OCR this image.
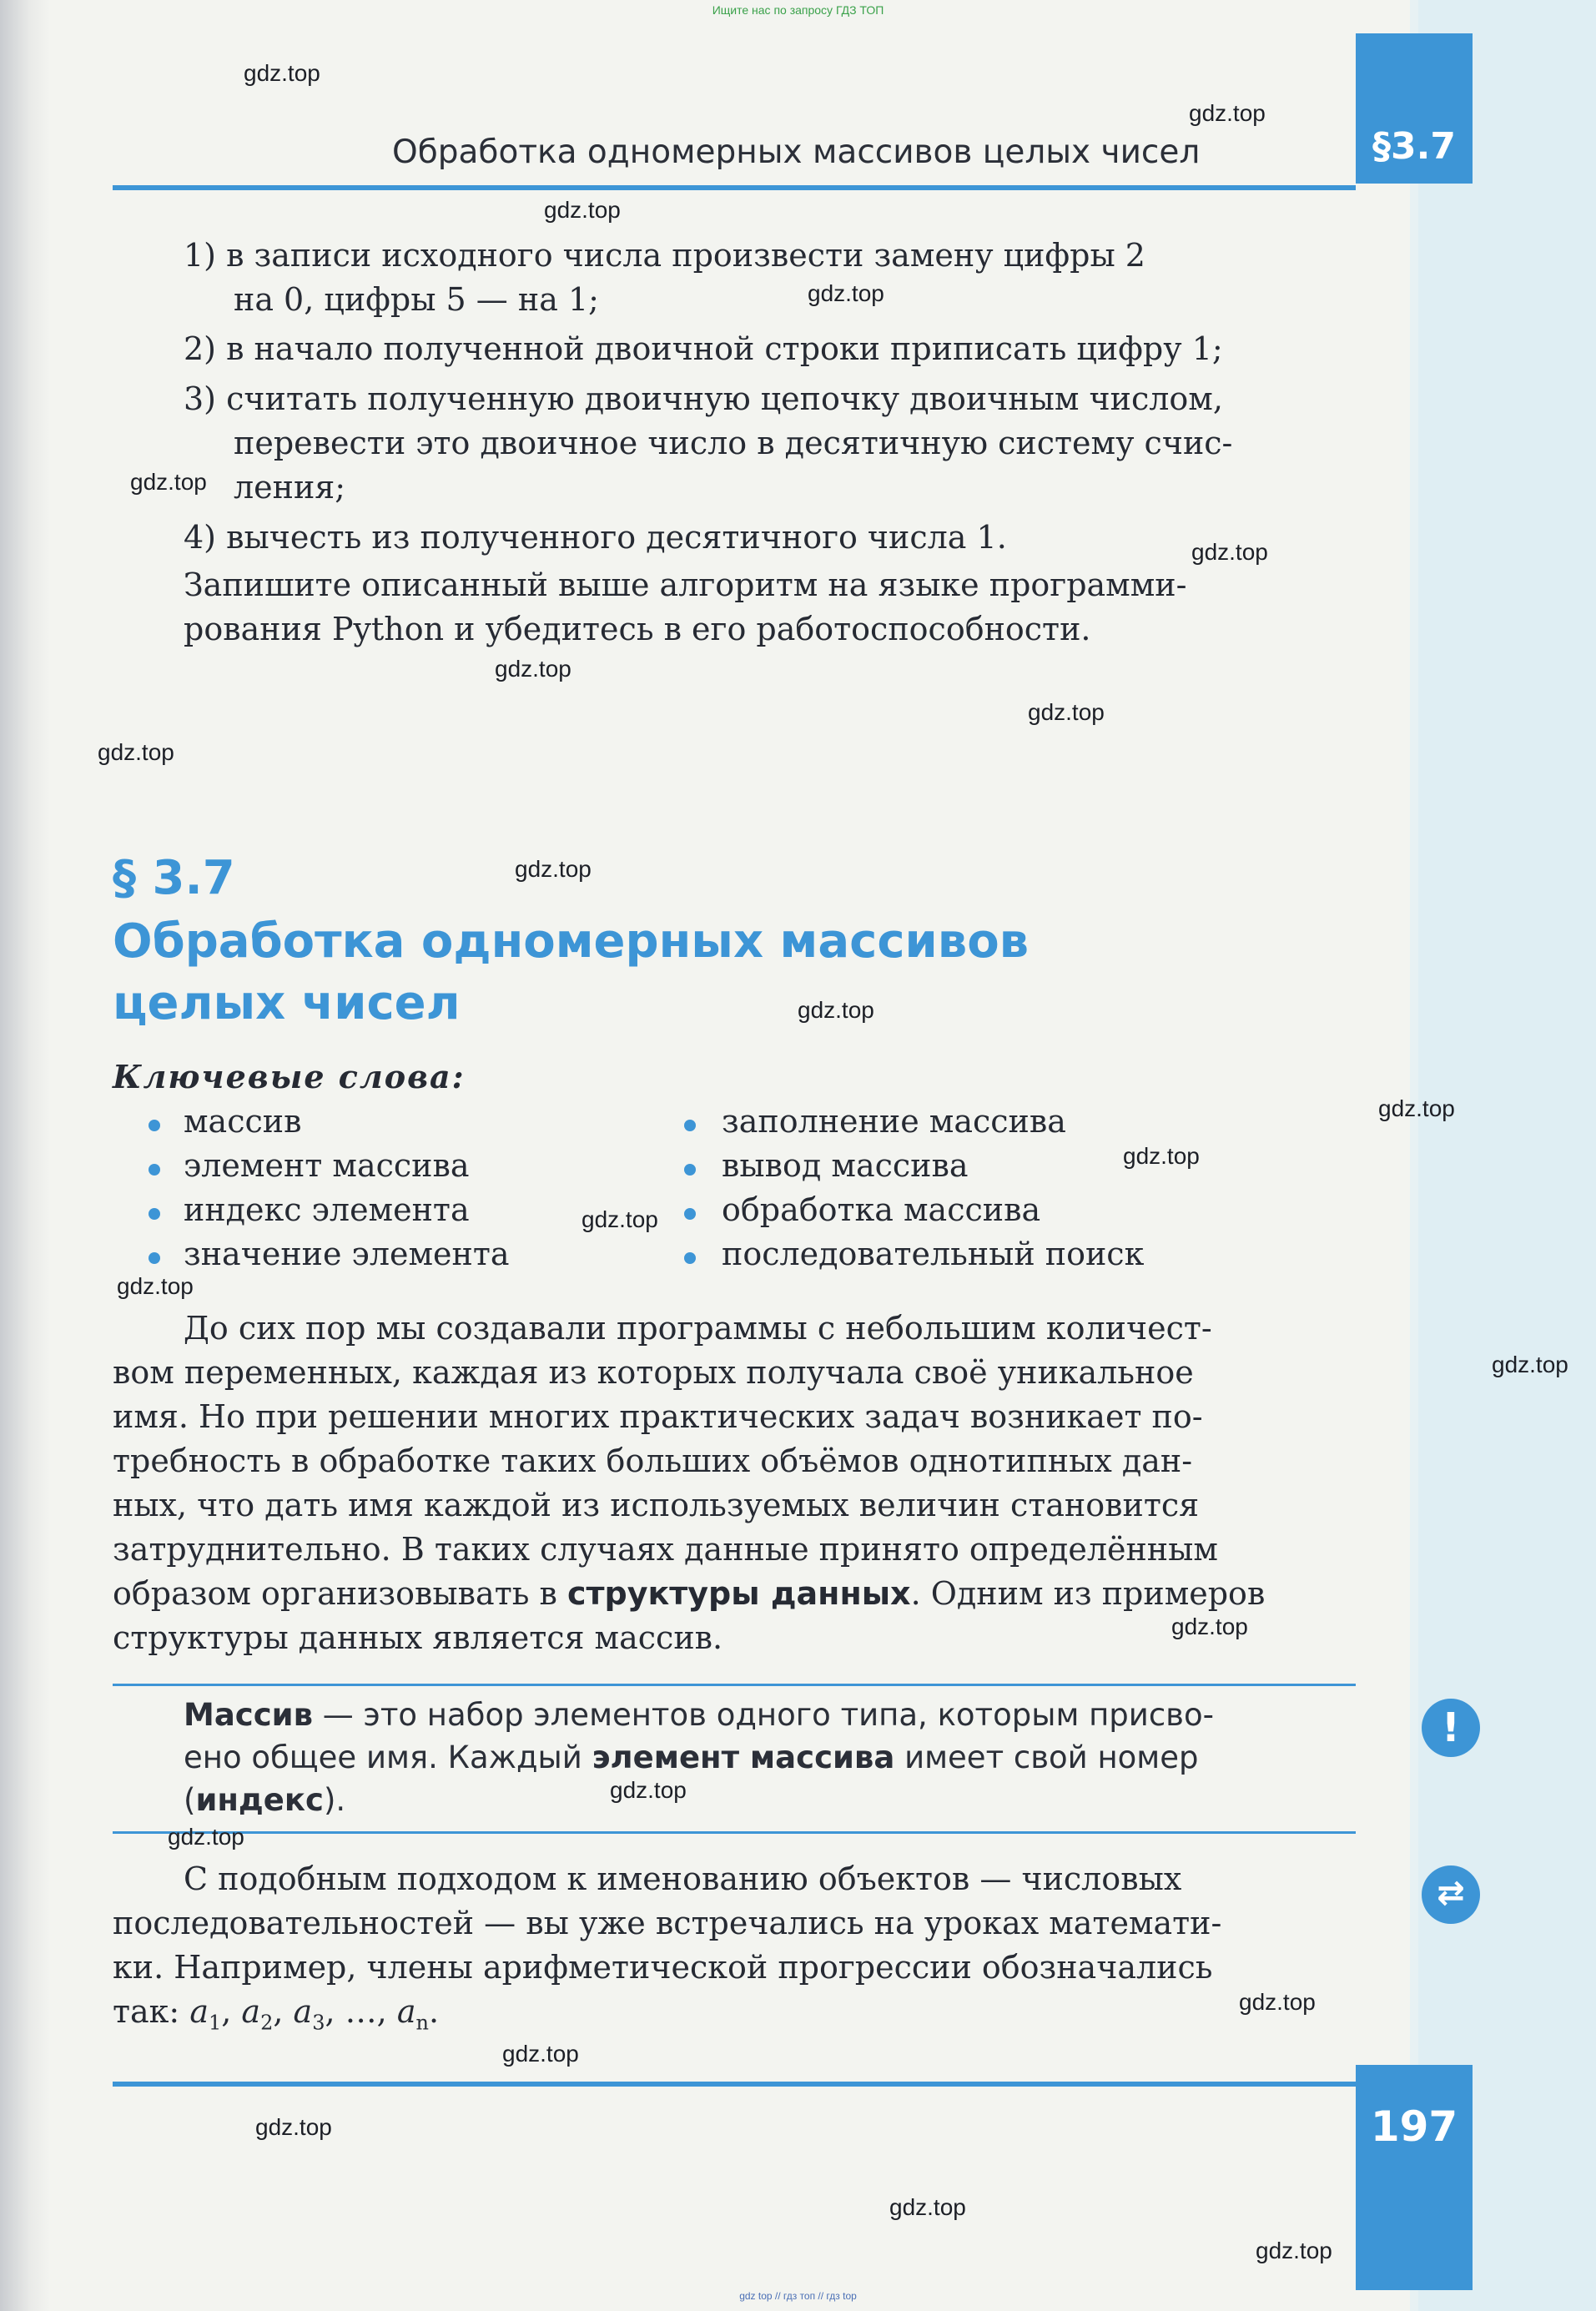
Ищите нас по запросу ГДЗ ТОП
§3.7
Обработка одномерных массивов целых чисел
1) в записи исходного числа произвести замену цифры 2
на 0, цифры 5 — на 1;
2) в начало полученной двоичной строки приписать цифру 1;
3) считать полученную двоичную цепочку двоичным числом,
перевести это двоичное число в десятичную систему счис-
ления;
4) вычесть из полученного десятичного числа 1.
Запишите описанный выше алгоритм на языке программи-
рования Python и убедитесь в его работоспособности.
§ 3.7
Обработка одномерных массивов
целых чисел
Ключевые слова:
массив
элемент массива
индекс элемента
значение элемента
заполнение массива
вывод массива
обработка массива
последовательный поиск
До сих пор мы создавали программы с небольшим количест-
вом переменных, каждая из которых получала своё уникальное
имя. Но при решении многих практических задач возникает по-
требность в обработке таких больших объёмов однотипных дан-
ных, что дать имя каждой из используемых величин становится
затруднительно. В таких случаях данные принято определённым
образом организовывать в структуры данных. Одним из примеров
структуры данных является массив.
Массив — это набор элементов одного типа, которым присво-
ено общее имя. Каждый элемент массива имеет свой номер
(индекс).
!
⇄
С подобным подходом к именованию объектов — числовых
последовательностей — вы уже встречались на уроках математи-
ки. Например, члены арифметической прогрессии обозначались
так: $a_1$, $a_2$, $a_3$, …, $a_n$.
197
gdz.top
gdz.top
gdz.top
gdz.top
gdz.top
gdz.top
gdz.top
gdz.top
gdz.top
gdz.top
gdz.top
gdz.top
gdz.top
gdz.top
gdz.top
gdz.top
gdz.top
gdz.top
gdz.top
gdz.top
gdz.top
gdz.top
gdz.top
gdz.top
gdz top // гдз топ // гдз top
